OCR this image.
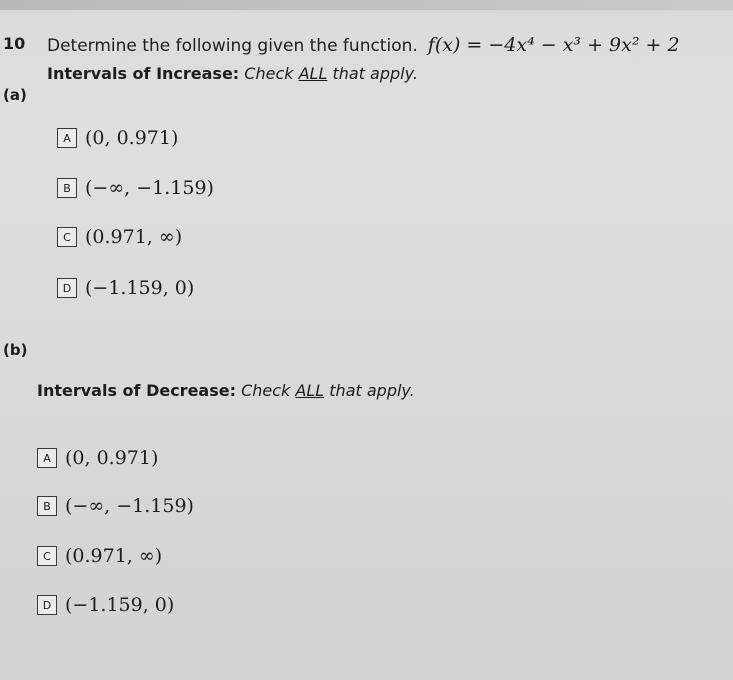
10 Determine the following given the function. f(x) = −4x⁴ − x³ + 9x² + 2
Intervals of Increase: Check ALL that apply.
(a)
A (0, 0.971)
B (−∞, −1.159)
C (0.971, ∞)
D (−1.159, 0)
(b)
Intervals of Decrease: Check ALL that apply.
A (0, 0.971)
B (−∞, −1.159)
C (0.971, ∞)
D (−1.159, 0)
